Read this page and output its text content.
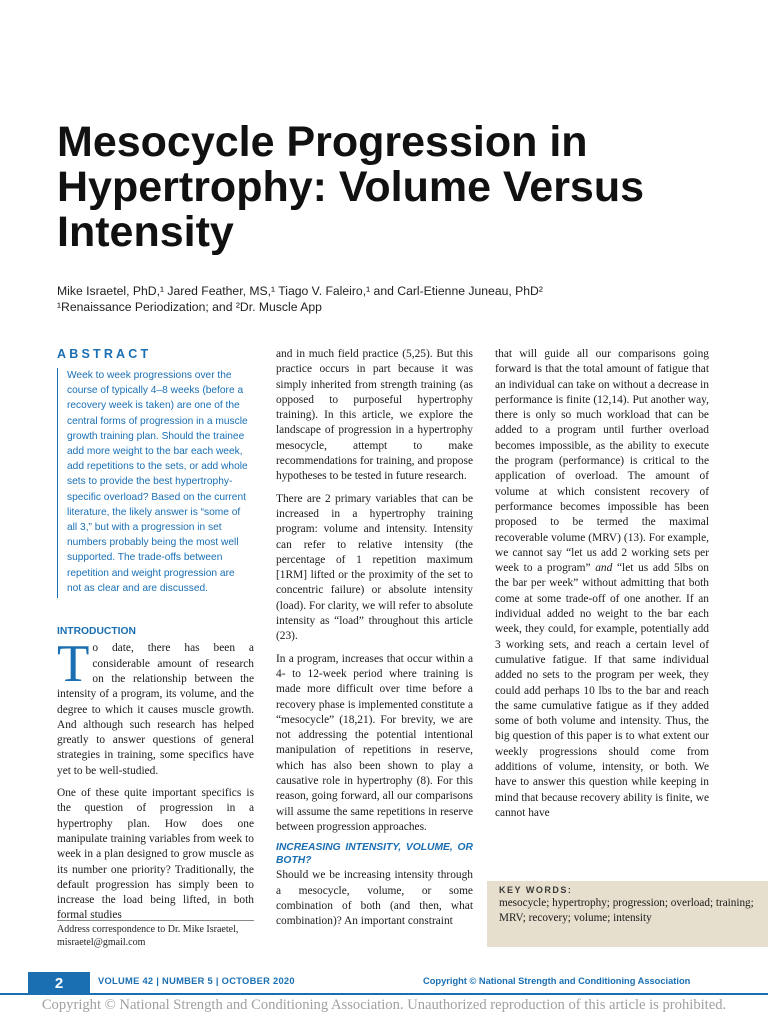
Mesocycle Progression in Hypertrophy: Volume Versus Intensity
Mike Israetel, PhD,¹ Jared Feather, MS,¹ Tiago V. Faleiro,¹ and Carl-Etienne Juneau, PhD²
¹Renaissance Periodization; and ²Dr. Muscle App
ABSTRACT
Week to week progressions over the course of typically 4–8 weeks (before a recovery week is taken) are one of the central forms of progression in a muscle growth training plan. Should the trainee add more weight to the bar each week, add repetitions to the sets, or add whole sets to provide the best hypertrophy-specific overload? Based on the current literature, the likely answer is “some of all 3,” but with a progression in set numbers probably being the most well supported. The trade-offs between repetition and weight progression are not as clear and are discussed.
INTRODUCTION

To date, there has been a considerable amount of research on the relationship between the intensity of a program, its volume, and the degree to which it causes muscle growth. And although such research has helped greatly to answer questions of general strategies in training, some specifics have yet to be well-studied.

One of these quite important specifics is the question of progression in a hypertrophy plan. How does one manipulate training variables from week to week in a plan designed to grow muscle as its number one priority? Traditionally, the default progression has simply been to increase the load being lifted, in both formal studies

and in much field practice (5,25). But this practice occurs in part because it was simply inherited from strength training (as opposed to purposeful hypertrophy training). In this article, we explore the landscape of progression in a hypertrophy mesocycle, attempt to make recommendations for training, and propose hypotheses to be tested in future research.

There are 2 primary variables that can be increased in a hypertrophy training program: volume and intensity. Intensity can refer to relative intensity (the percentage of 1 repetition maximum [1RM] lifted or the proximity of the set to concentric failure) or absolute intensity (load). For clarity, we will refer to absolute intensity as “load” throughout this article (23).

In a program, increases that occur within a 4- to 12-week period where training is made more difficult over time before a recovery phase is implemented constitute a “mesocycle” (18,21). For brevity, we are not addressing the potential intentional manipulation of repetitions in reserve, which has also been shown to play a causative role in hypertrophy (8). For this reason, going forward, all our comparisons will assume the same repetitions in reserve between progression approaches.

INCREASING INTENSITY, VOLUME, OR BOTH?

Should we be increasing intensity through a mesocycle, volume, or some combination of both (and then, what combination)? An important constraint

that will guide all our comparisons going forward is that the total amount of fatigue that an individual can take on without a decrease in performance is finite (12,14). Put another way, there is only so much workload that can be added to a program until further overload becomes impossible, as the ability to execute the program (performance) is critical to the application of overload. The amount of volume at which consistent recovery of performance becomes impossible has been proposed to be termed the maximal recoverable volume (MRV) (13). For example, we cannot say “let us add 2 working sets per week to a program” and “let us add 5lbs on the bar per week” without admitting that both come at some trade-off of one another. If an individual added no weight to the bar each week, they could, for example, potentially add 3 working sets, and reach a certain level of cumulative fatigue. If that same individual added no sets to the program per week, they could add perhaps 10 lbs to the bar and reach the same cumulative fatigue as if they added some of both volume and intensity. Thus, the big question of this paper is to what extent our weekly progressions should come from additions of volume, intensity, or both. We have to answer this question while keeping in mind that because recovery ability is finite, we cannot have

Address correspondence to Dr. Mike Israetel, misraetel@gmail.com
KEY WORDS:
mesocycle; hypertrophy; progression; overload; training; MRV; recovery; volume; intensity
2	VOLUME 42 | NUMBER 5 | OCTOBER 2020	Copyright © National Strength and Conditioning Association
Copyright © National Strength and Conditioning Association. Unauthorized reproduction of this article is prohibited.
